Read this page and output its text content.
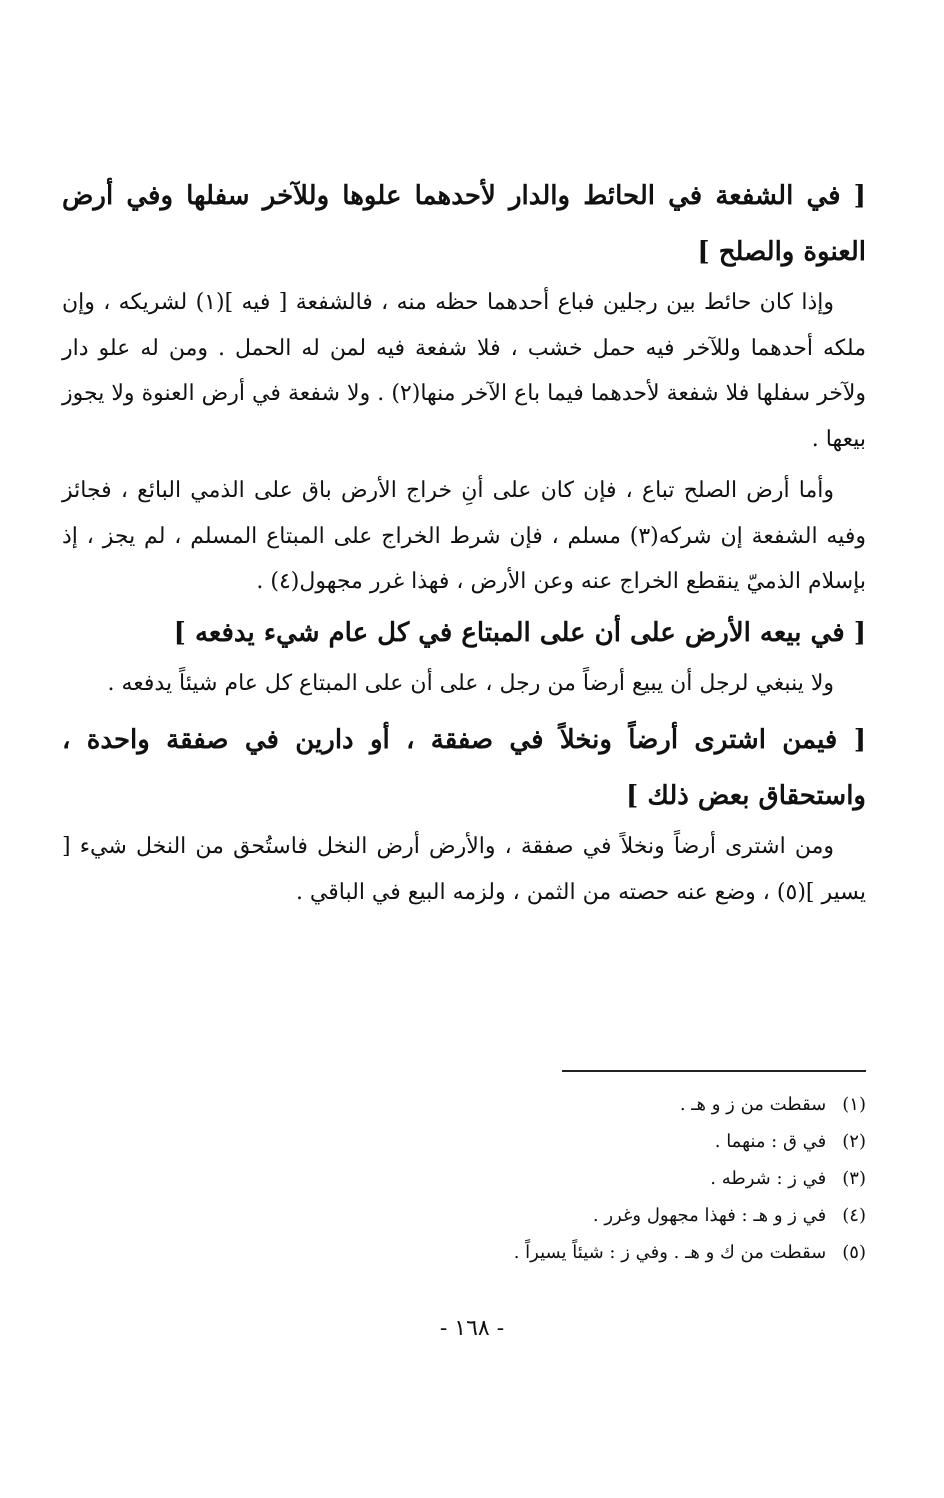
[ في الشفعة في الحائط والدار لأحدهما علوها وللآخر سفلها وفي أرض العنوة والصلح ]

وإذا كان حائط بين رجلين فباع أحدهما حظه منه ، فالشفعة [ فيه ](١) لشريكه ، وإن ملكه أحدهما وللآخر فيه حمل خشب ، فلا شفعة فيه لمن له الحمل . ومن له علو دار ولآخر سفلها فلا شفعة لأحدهما فيما باع الآخر منها(٢) . ولا شفعة في أرض العنوة ولا يجوز بيعها .

وأما أرض الصلح تباع ، فإن كان على أنِ خراج الأرض باق على الذمي البائع ، فجائز وفيه الشفعة إن شركه(٣) مسلم ، فإن شرط الخراج على المبتاع المسلم ، لم يجز ، إذ بإسلام الذميّ ينقطع الخراج عنه وعن الأرض ، فهذا غرر مجهول(٤) .

[ في بيعه الأرض على أن على المبتاع في كل عام شيء يدفعه ]

ولا ينبغي لرجل أن يبيع أرضاً من رجل ، على أن على المبتاع كل عام شيئاً يدفعه .

[ فيمن اشترى أرضاً ونخلاً في صفقة ، أو دارين في صفقة واحدة ، واستحقاق بعض ذلك ]

ومن اشترى أرضاً ونخلاً في صفقة ، والأرض أرض النخل فاستُحق من النخل شيء [ يسير ](٥) ، وضع عنه حصته من الثمن ، ولزمه البيع في الباقي .

(١) سقطت من ز و هـ .
(٢) في ق : منهما .
(٣) في ز : شرطه .
(٤) في ز و هـ : فهذا مجهول وغرر .
(٥) سقطت من ك و هـ . وفي ز : شيئاً يسيراً .
- ١٦٨ -
